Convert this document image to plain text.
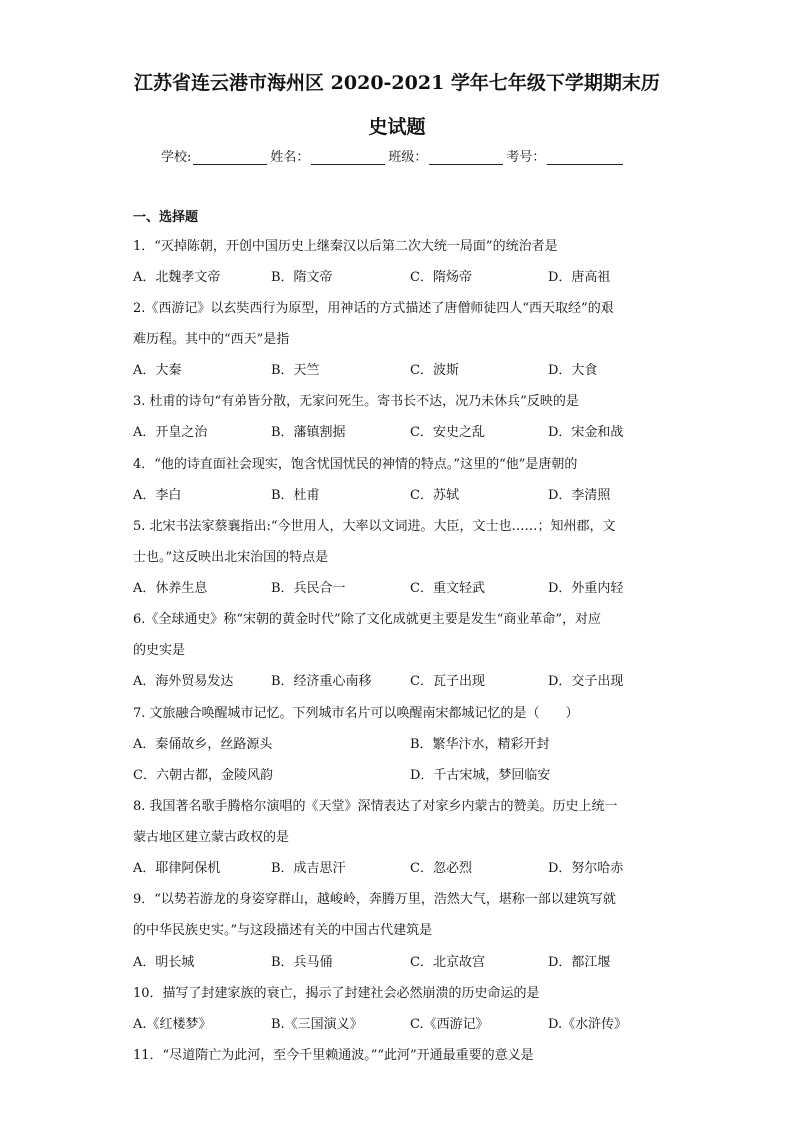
江苏省连云港市海州区 2020-2021 学年七年级下学期期末历
史试题
学校:	姓名：	班级：	考号：
一、选择题
1．“灭掉陈朝，开创中国历史上继秦汉以后第二次大统一局面”的统治者是
A．北魏孝文帝	B．隋文帝	C．隋炀帝	D．唐高祖
2.《西游记》以玄奘西行为原型，用神话的方式描述了唐僧师徒四人“西天取经”的艰
难历程。其中的“西天”是指
A．大秦	B．天竺	C．波斯	D．大食
3. 杜甫的诗句“有弟皆分散，无家问死生。寄书长不达，况乃未休兵”反映的是
A．开皇之治	B．藩镇割据	C．安史之乱	D．宋金和战
4．“他的诗直面社会现实，饱含忧国忧民的神情的特点。”这里的“他”是唐朝的
A．李白	B．杜甫	C．苏轼	D．李清照
5. 北宋书法家蔡襄指出:“今世用人，大率以文词进。大臣，文士也……；知州郡，文
士也。”这反映出北宋治国的特点是
A．休养生息	B．兵民合一	C．重文轻武	D．外重内轻
6.《全球通史》称“宋朝的黄金时代”除了文化成就更主要是发生“商业革命”，对应
的史实是
A．海外贸易发达	B．经济重心南移	C．瓦子出现	D．交子出现
7. 文旅融合唤醒城市记忆。下列城市名片可以唤醒南宋都城记忆的是（　　）
A．秦俑故乡，丝路源头	B．繁华汴水，精彩开封
C．六朝古都，金陵风韵	D．千古宋城，梦回临安
8. 我国著名歌手腾格尔演唱的《天堂》深情表达了对家乡内蒙古的赞美。历史上统一
蒙古地区建立蒙古政权的是
A．耶律阿保机	B．成吉思汗	C．忽必烈	D．努尔哈赤
9．“以势若游龙的身姿穿群山，越峻岭，奔腾万里，浩然大气，堪称一部以建筑写就
的中华民族史实。”与这段描述有关的中国古代建筑是
A．明长城	B．兵马俑	C．北京故宫	D．都江堰
10．描写了封建家族的衰亡，揭示了封建社会必然崩溃的历史命运的是
A.《红楼梦》	B.《三国演义》	C.《西游记》	D.《水浒传》
11．“尽道隋亡为此河，至今千里赖通波。”“此河”开通最重要的意义是
